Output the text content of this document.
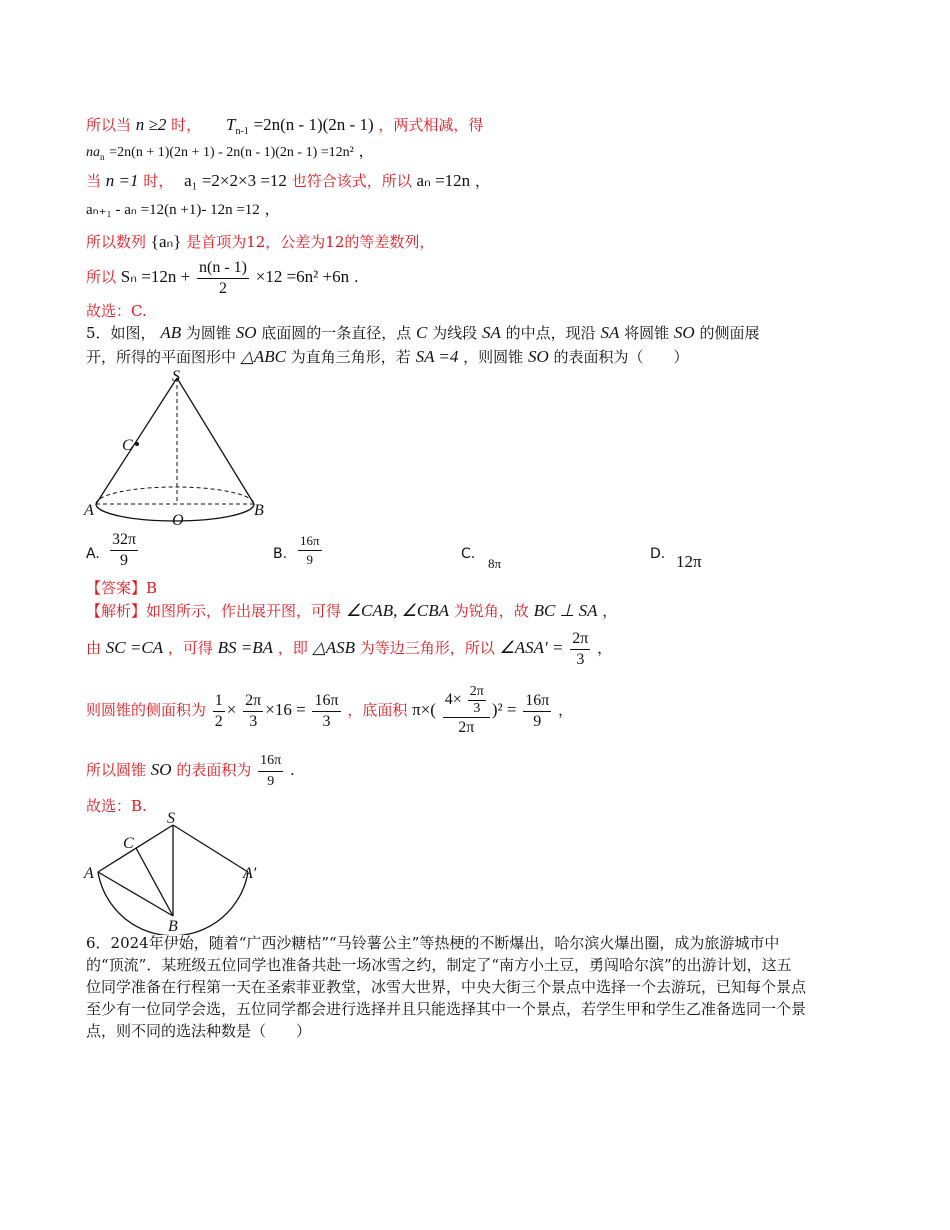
所以当 n ≥2 时， $T_{n-1} =2n(n - 1)(2n - 1)$ ，两式相减，得
$na_n =2n(n + 1)(2n + 1) - 2n(n - 1)(2n - 1) =12n^2$ ，
当 n =1 时， a₁ =2×2×3 =12 也符合该式，所以 aₙ =12n ，
aₙ₊₁ - aₙ =12(n +1)- 12n =12 ，
所以数列 {aₙ} 是首项为12，公差为12的等差数列，
所以 $S_n =12n + \frac{n(n - 1)}{2} \times 12 =6n^2 +6n$ .
故选：C.
5．如图， AB 为圆锥 SO 底面圆的一条直径，点 C 为线段 SA 的中点，现沿 SA 将圆锥 SO 的侧面展
开，所得的平面图形中 △ABC 为直角三角形，若 SA =4 ，则圆锥 SO 的表面积为（　　）
S
C
A
O
B
A. $\frac{32\pi}{9}$	B. $\frac{16\pi}{9}$	C.
8π
D. 12π
【答案】B
【解析】如图所示，作出展开图，可得 ∠CAB, ∠CBA 为锐角，故 BC ⊥ SA ，
由 SC =CA ，可得 BS =BA ，即 △ASB 为等边三角形，所以 ∠ASA′ = $\frac{2\pi}{3}$ ，
则圆锥的侧面积为 $\frac{1}{2} \times \frac{2\pi}{3} \times 16 = \frac{16\pi}{3}$ ，底面积 $\pi\times( \frac{4\times \frac{2\pi}{3}}{2\pi} )^2 = \frac{16\pi}{9}$ ，
所以圆锥 SO 的表面积为 $\frac{16\pi}{9}$ .
故选：B.
S
C
A	A′
B
6．2024年伊始，随着“广西沙糖桔”“马铃薯公主”等热梗的不断爆出，哈尔滨火爆出圈，成为旅游城市中的“顶流”．某班级五位同学也准备共赴一场冰雪之约，制定了“南方小土豆，勇闯哈尔滨”的出游计划，这五位同学准备在行程第一天在圣索菲亚教堂，冰雪大世界，中央大街三个景点中选择一个去游玩，已知每个景点至少有一位同学会选，五位同学都会进行选择并且只能选择其中一个景点，若学生甲和学生乙准备选同一个景点，则不同的选法种数是（　　）
